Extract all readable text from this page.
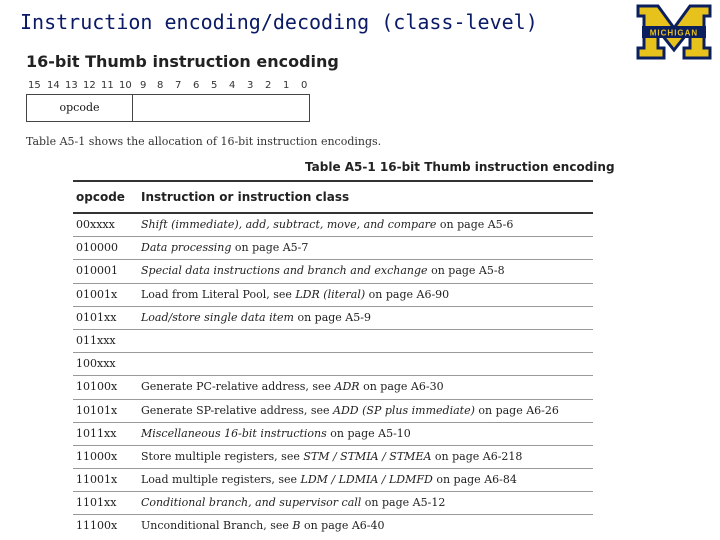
Instruction encoding/decoding (class-level)	MICHIGAN
16-bit Thumb instruction encoding
15 14 13 12 11 10 9 8 7 6 5 4 3 2 1 0
opcode
Table A5-1 shows the allocation of 16-bit instruction encodings.
Table A5-1 16-bit Thumb instruction encoding
opcode Instruction or instruction class
00xxxx Shift (immediate), add, subtract, move, and compare on page A5-6
010000 Data processing on page A5-7
010001 Special data instructions and branch and exchange on page A5-8
01001x Load from Literal Pool, see LDR (literal) on page A6-90
0101xx Load/store single data item on page A5-9
011xxx
100xxx
10100x Generate PC-relative address, see ADR on page A6-30
10101x Generate SP-relative address, see ADD (SP plus immediate) on page A6-26
1011xx Miscellaneous 16-bit instructions on page A5-10
11000x Store multiple registers, see STM / STMIA / STMEA on page A6-218
11001x Load multiple registers, see LDM / LDMIA / LDMFD on page A6-84
1101xx Conditional branch, and supervisor call on page A5-12
11100x Unconditional Branch, see B on page A6-40
